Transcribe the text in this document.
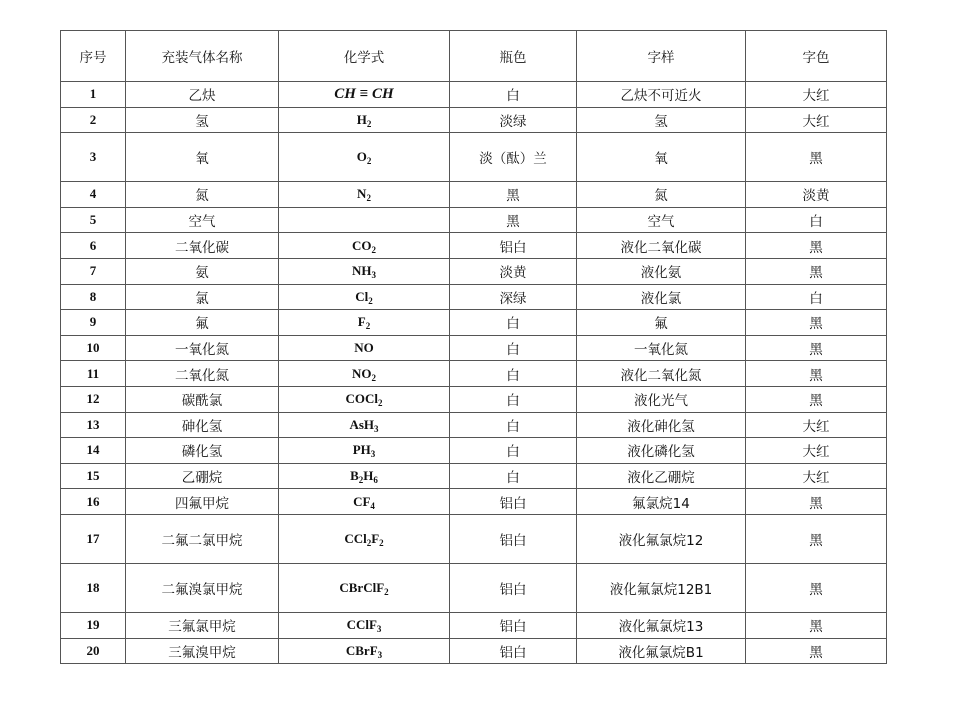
序号	充装气体名称	化学式	瓶色	字样	字色
1	乙炔	CH ≡ CH	白	乙炔不可近火	大红
2	氢	$H_2$	淡绿	氢	大红
3	氧	$O_2$	淡（酞）兰	氧	黑
4	氮	$N_2$	黑	氮	淡黄
5	空气		黑	空气	白
6	二氧化碳	$CO_2$	铝白	液化二氧化碳	黑
7	氨	$NH_3$	淡黄	液化氨	黑
8	氯	$Cl_2$	深绿	液化氯	白
9	氟	$F_2$	白	氟	黑
10	一氧化氮	NO	白	一氧化氮	黑
11	二氧化氮	$NO_2$	白	液化二氧化氮	黑
12	碳酰氯	COCl$_2$	白	液化光气	黑
13	砷化氢	AsH$_3$	白	液化砷化氢	大红
14	磷化氢	$PH_3$	白	液化磷化氢	大红
15	乙硼烷	$B_2H_6$	白	液化乙硼烷	大红
16	四氟甲烷	$CF_4$	铝白	氟氯烷14	黑
17	二氟二氯甲烷	$CCl_2F_2$	铝白	液化氟氯烷12	黑
18	二氟溴氯甲烷	CBrClF$_2$	铝白	液化氟氯烷12B1	黑
19	三氟氯甲烷	CClF$_3$	铝白	液化氟氯烷13	黑
20	三氟溴甲烷	CBrF$_3$	铝白	液化氟氯烷B1	黑
